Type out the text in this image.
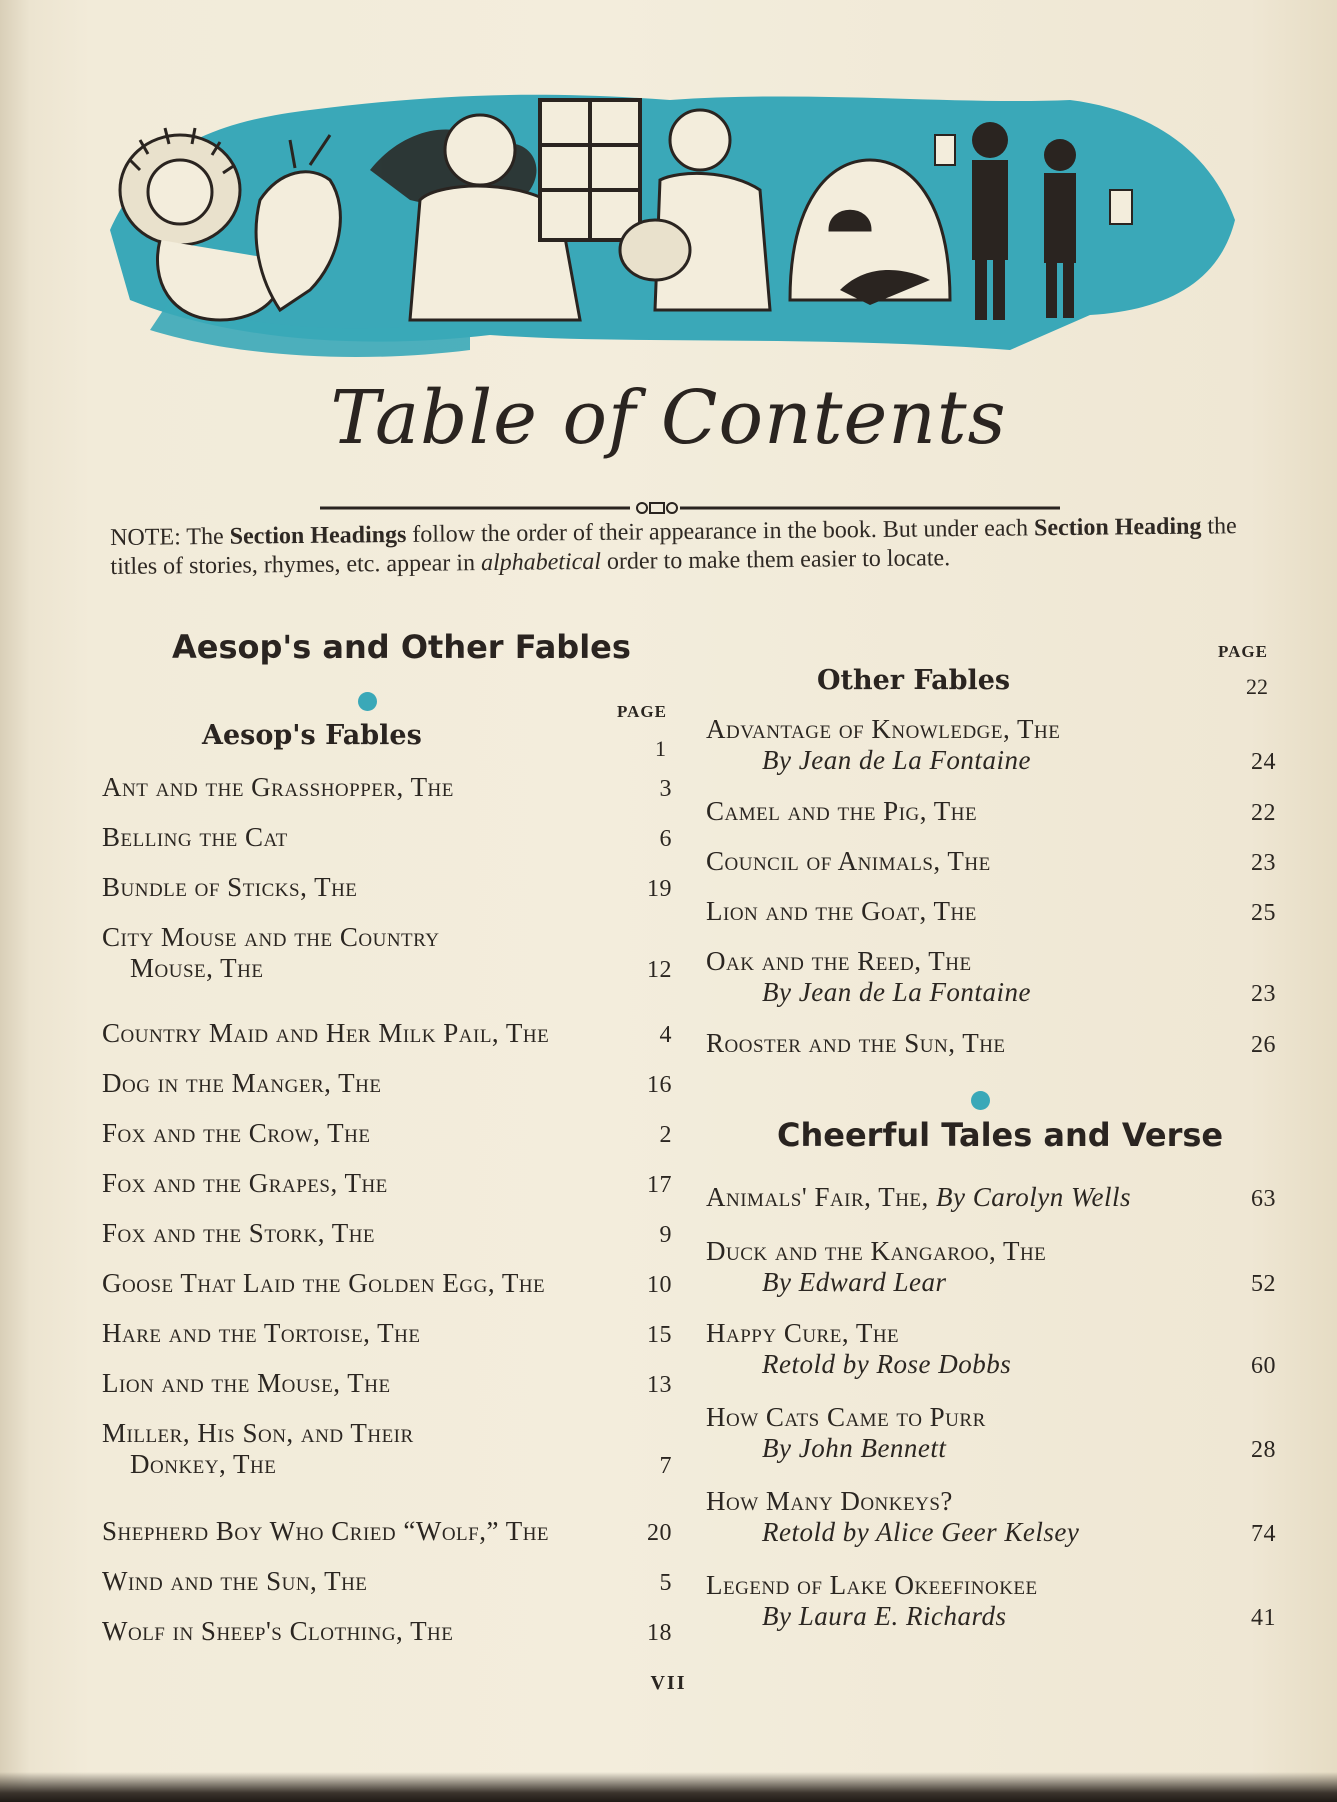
Table of Contents
NOTE: The Section Headings follow the order of their appearance in the book. But under each Section Heading the titles of stories, rhymes, etc. appear in alphabetical order to make them easier to locate.
Aesop's and Other Fables
PAGE
Aesop's Fables	1
Ant and the Grasshopper, The	3
Belling the Cat	6
Bundle of Sticks, The	19
City Mouse and the Country
Mouse, The	12
Country Maid and Her Milk Pail, The	4
Dog in the Manger, The	16
Fox and the Crow, The	2
Fox and the Grapes, The	17
Fox and the Stork, The	9
Goose That Laid the Golden Egg, The	10
Hare and the Tortoise, The	15
Lion and the Mouse, The	13
Miller, His Son, and Their
Donkey, The	7
Shepherd Boy Who Cried “Wolf,” The	20
Wind and the Sun, The	5
Wolf in Sheep's Clothing, The	18
PAGE
Other Fables	22
Advantage of Knowledge, The
By Jean de La Fontaine	24
Camel and the Pig, The	22
Council of Animals, The	23
Lion and the Goat, The	25
Oak and the Reed, The
By Jean de La Fontaine	23
Rooster and the Sun, The	26
Cheerful Tales and Verse
Animals' Fair, The, By Carolyn Wells	63
Duck and the Kangaroo, The
By Edward Lear	52
Happy Cure, The
Retold by Rose Dobbs	60
How Cats Came to Purr
By John Bennett	28
How Many Donkeys?
Retold by Alice Geer Kelsey	74
Legend of Lake Okeefinokee
By Laura E. Richards	41
VII
